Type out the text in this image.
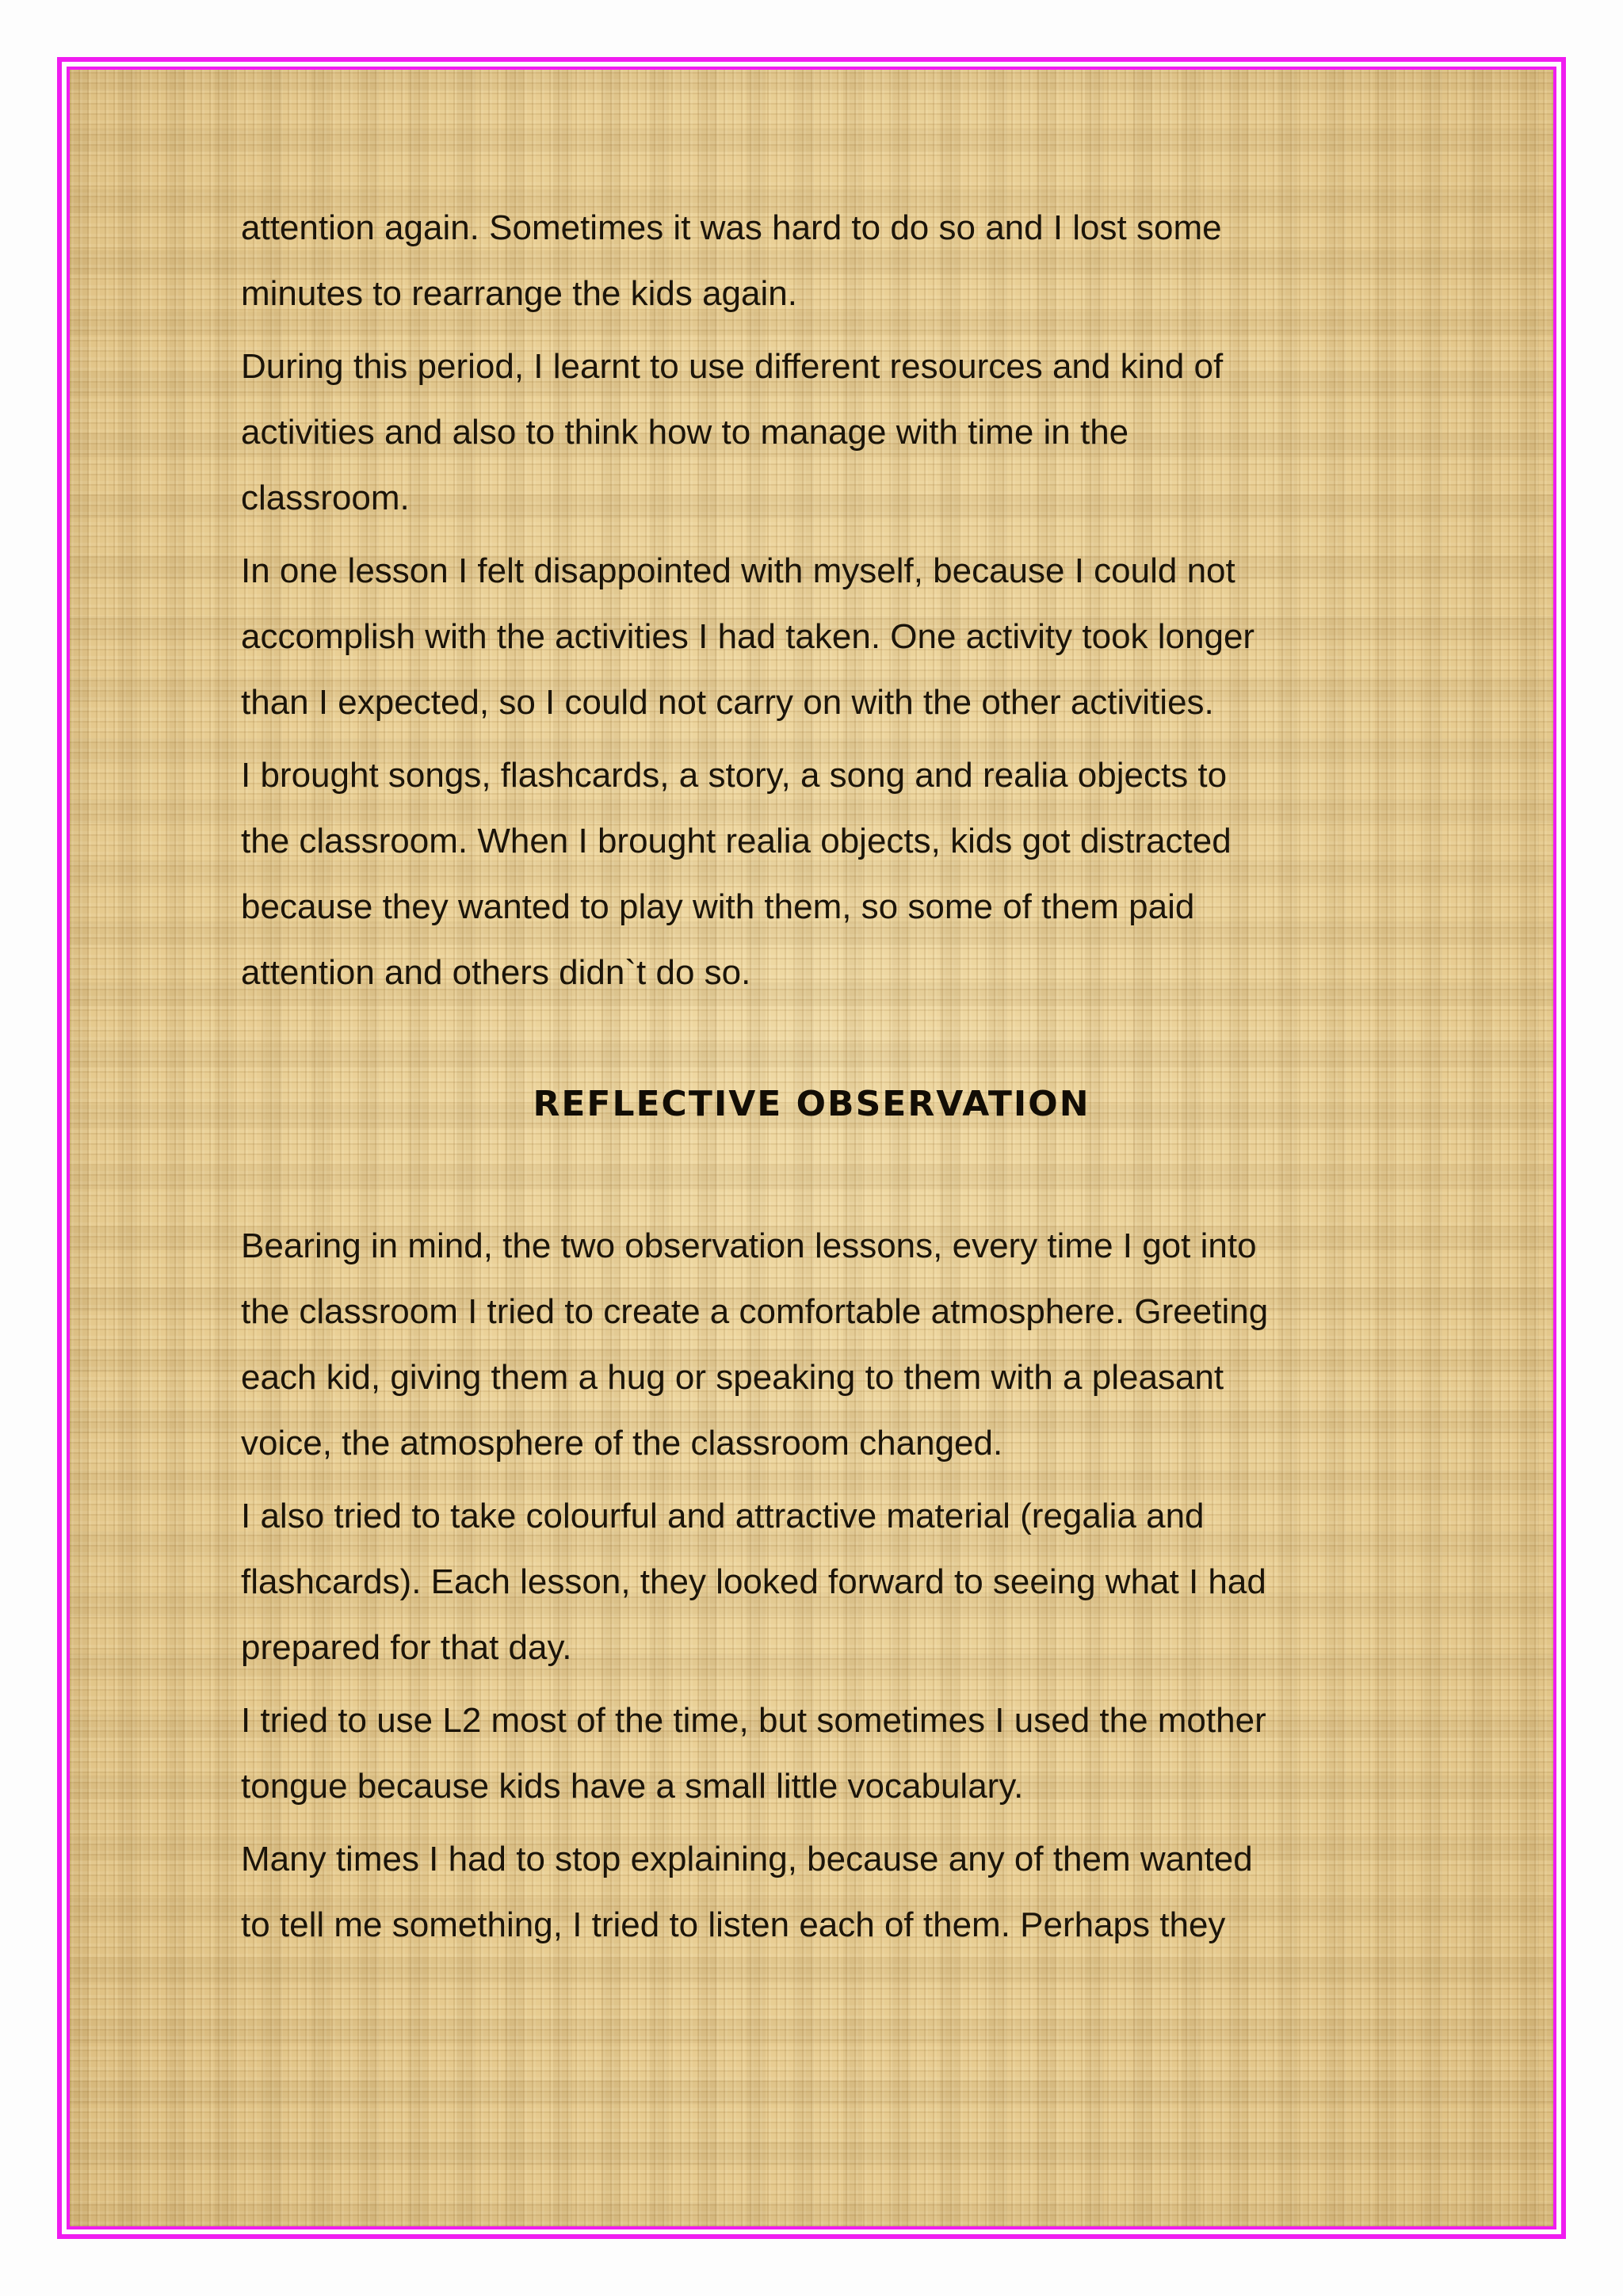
attention again. Sometimes it was hard to do so and I lost some
minutes to rearrange the kids again.
During this period, I learnt to use different resources and kind of
activities and also to think how to manage with time in the
classroom.
In one lesson I felt disappointed with myself, because I could not
accomplish with the activities I had taken. One activity took longer
than I expected, so I could not carry on with the other activities.
I brought songs, flashcards, a story, a song and realia objects to
the classroom. When I brought realia objects, kids got distracted
because they wanted to play with them, so some of them paid
attention and others didn`t do so.
REFLECTIVE OBSERVATION
Bearing in mind, the two observation lessons, every time I got into
the classroom I tried to create a comfortable atmosphere. Greeting
each kid, giving them a hug or speaking to them with a pleasant
voice, the atmosphere of the classroom changed.
I also tried to take colourful and attractive material (regalia and
flashcards). Each lesson, they looked forward to seeing what I had
prepared for that day.
I tried to use L2 most of the time, but sometimes I used the mother
tongue because kids have a small little vocabulary.
Many times I had to stop explaining, because any of them wanted
to tell me something, I tried to listen each of them. Perhaps they
